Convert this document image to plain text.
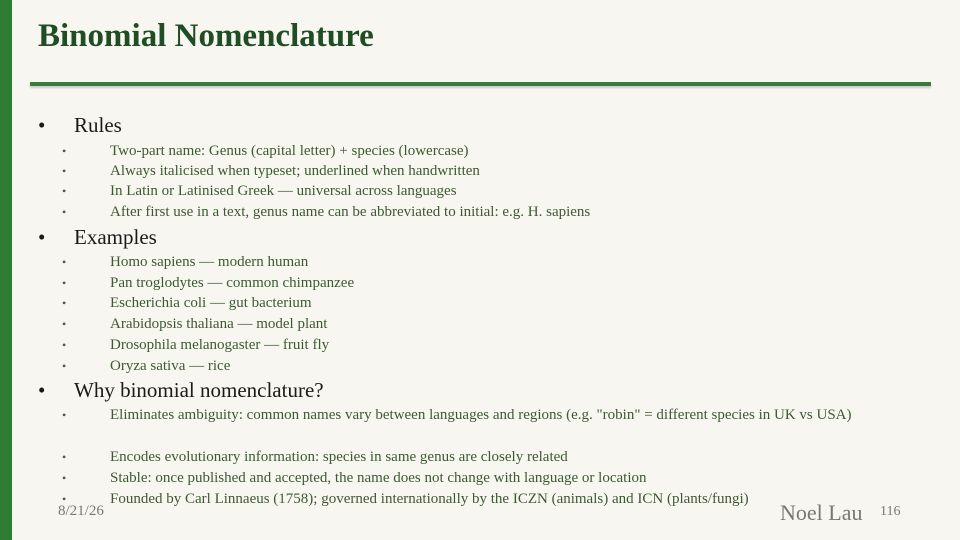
Binomial Nomenclature
• Rules
•	Two-part name: Genus (capital letter) + species (lowercase)
•	Always italicised when typeset; underlined when handwritten
•	In Latin or Latinised Greek — universal across languages
•	After first use in a text, genus name can be abbreviated to initial: e.g. H. sapiens
• Examples
•	Homo sapiens — modern human
•	Pan troglodytes — common chimpanzee
•	Escherichia coli — gut bacterium
•	Arabidopsis thaliana — model plant
•	Drosophila melanogaster — fruit fly
•	Oryza sativa — rice
• Why binomial nomenclature?
•	Eliminates ambiguity: common names vary between languages and regions (e.g. "robin" = different species in UK vs USA)
•	Encodes evolutionary information: species in same genus are closely related
•	Stable: once published and accepted, the name does not change with language or location
•	Founded by Carl Linnaeus (1758); governed internationally by the ICZN (animals) and ICN (plants/fungi)
8/21/26	Noel Lau 116
